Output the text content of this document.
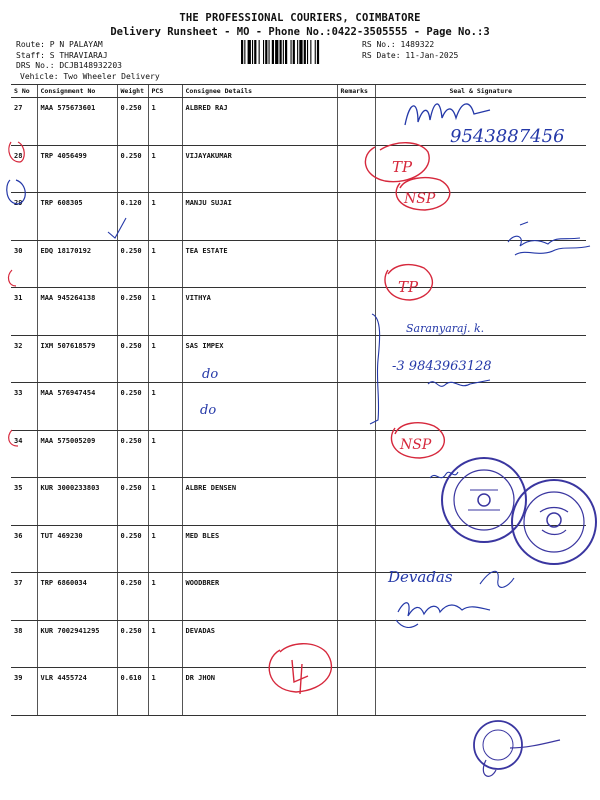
THE PROFESSIONAL COURIERS, COIMBATORE
Delivery Runsheet - MO - Phone No.:0422-3505555 - Page No.:3
Route: P N PALAYAM
Staff: S THRAVIARAJ
DRS No.: DCJB148932203
Vehicle: Two Wheeler Delivery
RS No.: 1489322
RS Date: 11-Jan-2025
S No	Consignment No	Weight	PCS	Consignee Details	Remarks	Seal & Signature
27	MAA 575673601	0.250	1	ALBRED RAJ		
28	TRP 4056499	0.250	1	VIJAYAKUMAR		
29	TRP 608305	0.120	1	MANJU SUJAI		
30	EDQ 18170192	0.250	1	TEA ESTATE		
31	MAA 945264138	0.250	1	VITHYA		
32	IXM 507618579	0.250	1	SAS IMPEX		
33	MAA 576947454	0.250	1			
34	MAA 575005209	0.250	1			
35	KUR 3000233803	0.250	1	ALBRE DENSEN		
36	TUT 469230	0.250	1	MED BLES		
37	TRP 6860034	0.250	1	WOODBRER		
38	KUR 7002941295	0.250	1	DEVADAS		
39	VLR 4455724	0.610	1	DR JHON		
9543887456
TP
NSP
TP
Saranyaraj. k.
-3 9843963128
do
do
NSP
Devadas
